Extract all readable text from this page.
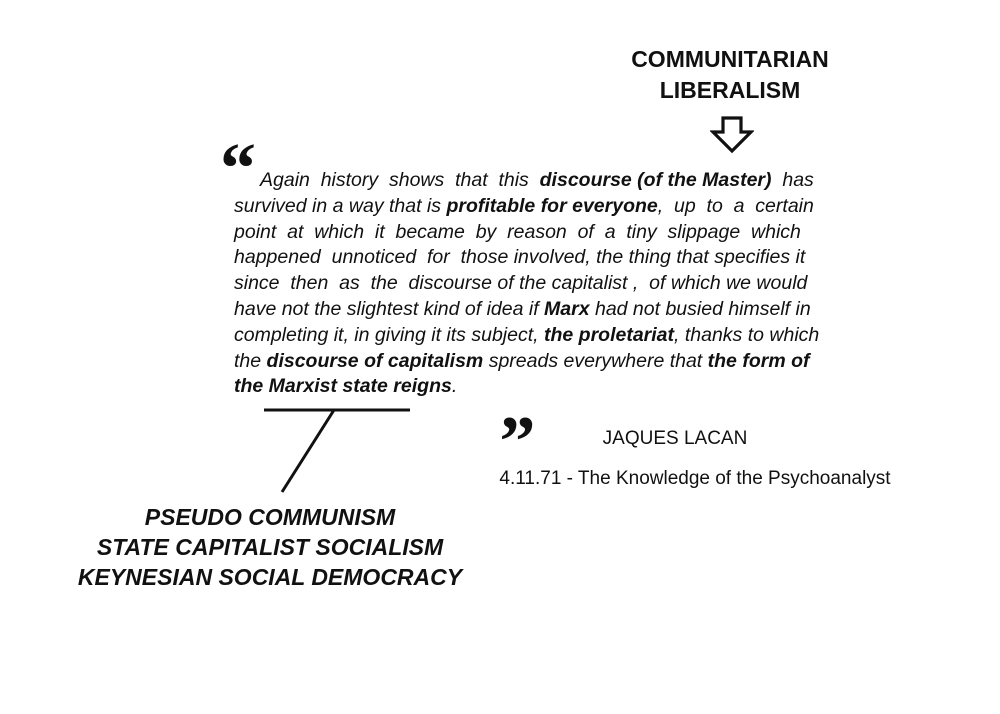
COMMUNITARIAN
LIBERALISM
“ Again  history  shows  that  this  discourse (of the Master)  has
survived in a way that is profitable for everyone,  up  to  a  certain
point  at  which  it  became  by  reason  of  a  tiny  slippage  which
happened  unnoticed  for  those involved, the thing that specifies it
since  then  as  the  discourse of the capitalist ,  of which we would
have not the slightest kind of idea if Marx had not busied himself in
completing it, in giving it its subject, the proletariat, thanks to which
the discourse of capitalism spreads everywhere that the form of
the Marxist state reigns. „	JAQUES LACAN
4.11.71 - The Knowledge of the Psychoanalyst
PSEUDO COMMUNISM
STATE CAPITALIST SOCIALISM
KEYNESIAN SOCIAL DEMOCRACY
